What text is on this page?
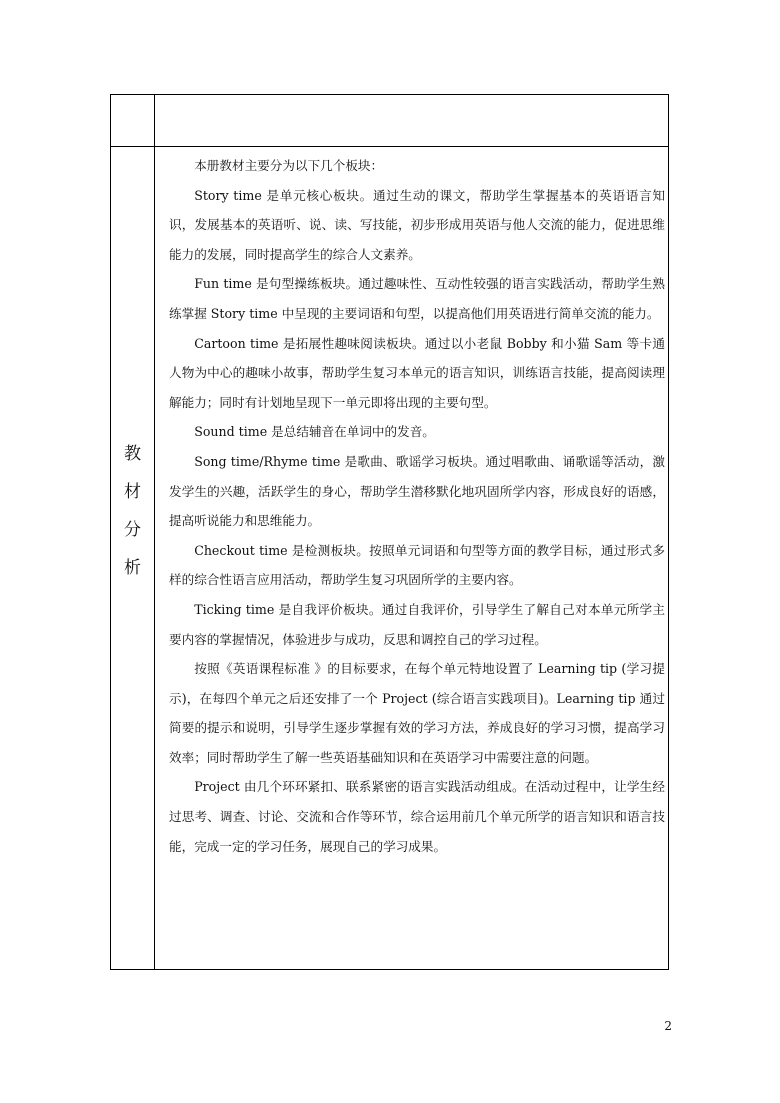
教
材
分
析

本册教材主要分为以下几个板块：

Story time 是单元核心板块。通过生动的课文，帮助学生掌握基本的英语语言知识，发展基本的英语听、说、读、写技能，初步形成用英语与他人交流的能力，促进思维能力的发展，同时提高学生的综合人文素养。

Fun time 是句型操练板块。通过趣味性、互动性较强的语言实践活动，帮助学生熟练掌握 Story time 中呈现的主要词语和句型，以提高他们用英语进行简单交流的能力。

Cartoon time 是拓展性趣味阅读板块。通过以小老鼠 Bobby 和小猫 Sam 等卡通人物为中心的趣味小故事，帮助学生复习本单元的语言知识，训练语言技能，提高阅读理解能力；同时有计划地呈现下一单元即将出现的主要句型。

Sound time 是总结辅音在单词中的发音。

Song time/Rhyme time 是歌曲、歌谣学习板块。通过唱歌曲、诵歌谣等活动，激发学生的兴趣，活跃学生的身心，帮助学生潜移默化地巩固所学内容，形成良好的语感，提高听说能力和思维能力。

Checkout time 是检测板块。按照单元词语和句型等方面的教学目标，通过形式多样的综合性语言应用活动，帮助学生复习巩固所学的主要内容。

Ticking time 是自我评价板块。通过自我评价，引导学生了解自己对本单元所学主要内容的掌握情况，体验进步与成功，反思和调控自己的学习过程。

按照《英语课程标准 》的目标要求，在每个单元特地设置了 Learning tip (学习提示)，在每四个单元之后还安排了一个 Project (综合语言实践项目)。Learning tip 通过简要的提示和说明，引导学生逐步掌握有效的学习方法，养成良好的学习习惯，提高学习效率；同时帮助学生了解一些英语基础知识和在英语学习中需要注意的问题。

Project 由几个环环紧扣、联系紧密的语言实践活动组成。在活动过程中，让学生经过思考、调查、讨论、交流和合作等环节，综合运用前几个单元所学的语言知识和语言技能，完成一定的学习任务，展现自己的学习成果。

2
